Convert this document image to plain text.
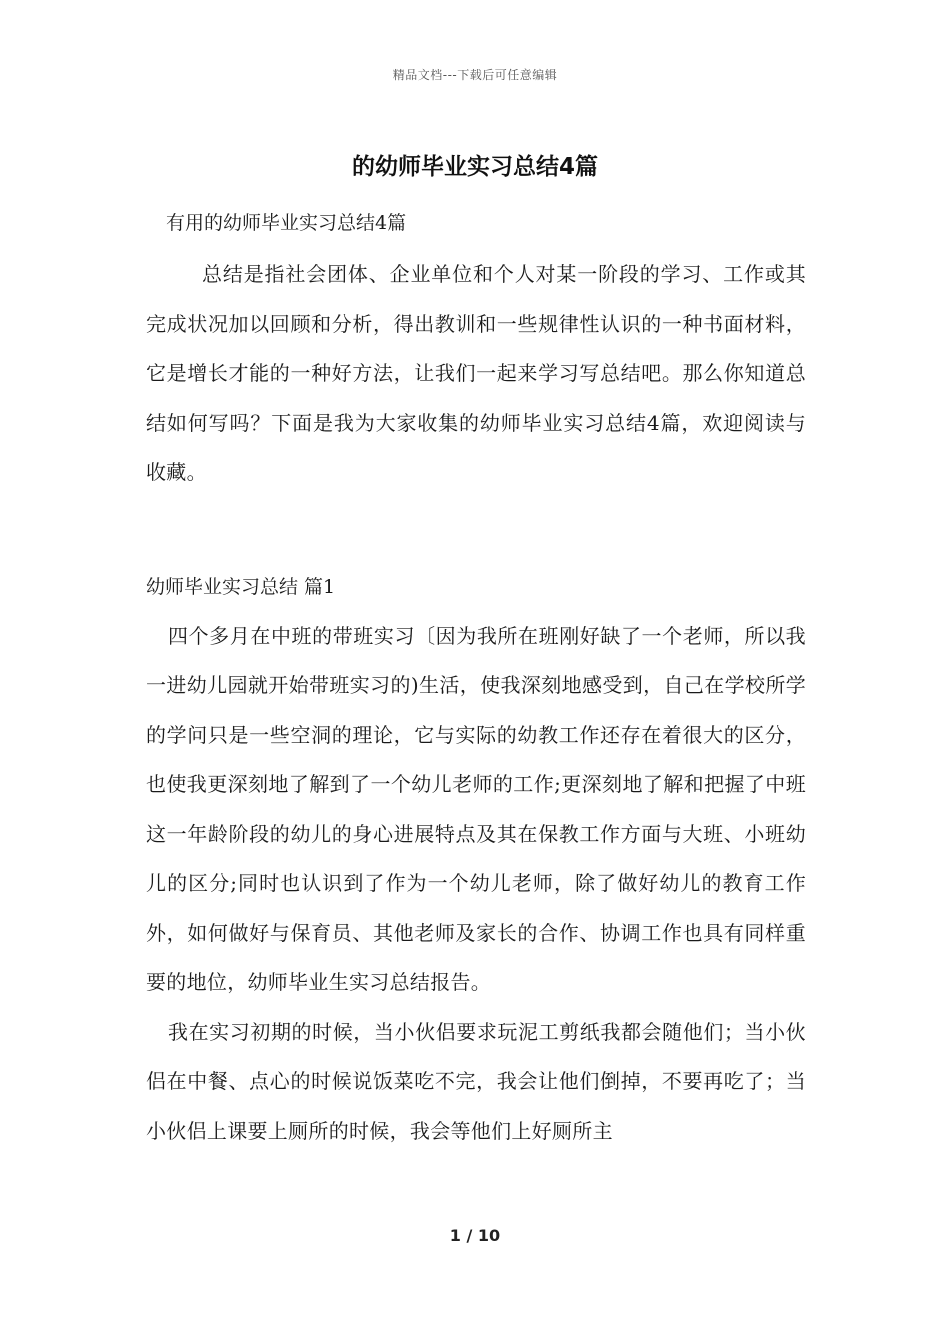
精品文档---下载后可任意编辑
的幼师毕业实习总结4篇

有用的幼师毕业实习总结4篇

总结是指社会团体、企业单位和个人对某一阶段的学习、工作或其完成状况加以回顾和分析，得出教训和一些规律性认识的一种书面材料，它是增长才能的一种好方法，让我们一起来学习写总结吧。那么你知道总结如何写吗？下面是我为大家收集的幼师毕业实习总结4篇，欢迎阅读与收藏。

幼师毕业实习总结 篇1

四个多月在中班的带班实习〔因为我所在班刚好缺了一个老师，所以我一进幼儿园就开始带班实习的)生活，使我深刻地感受到，自己在学校所学的学问只是一些空洞的理论，它与实际的幼教工作还存在着很大的区分，也使我更深刻地了解到了一个幼儿老师的工作;更深刻地了解和把握了中班这一年龄阶段的幼儿的身心进展特点及其在保教工作方面与大班、小班幼儿的区分;同时也认识到了作为一个幼儿老师，除了做好幼儿的教育工作外，如何做好与保育员、其他老师及家长的合作、协调工作也具有同样重要的地位，幼师毕业生实习总结报告。

我在实习初期的时候，当小伙侣要求玩泥工剪纸我都会随他们；当小伙侣在中餐、点心的时候说饭菜吃不完，我会让他们倒掉，不要再吃了；当小伙侣上课要上厕所的时候，我会等他们上好厕所主

1 / 10
